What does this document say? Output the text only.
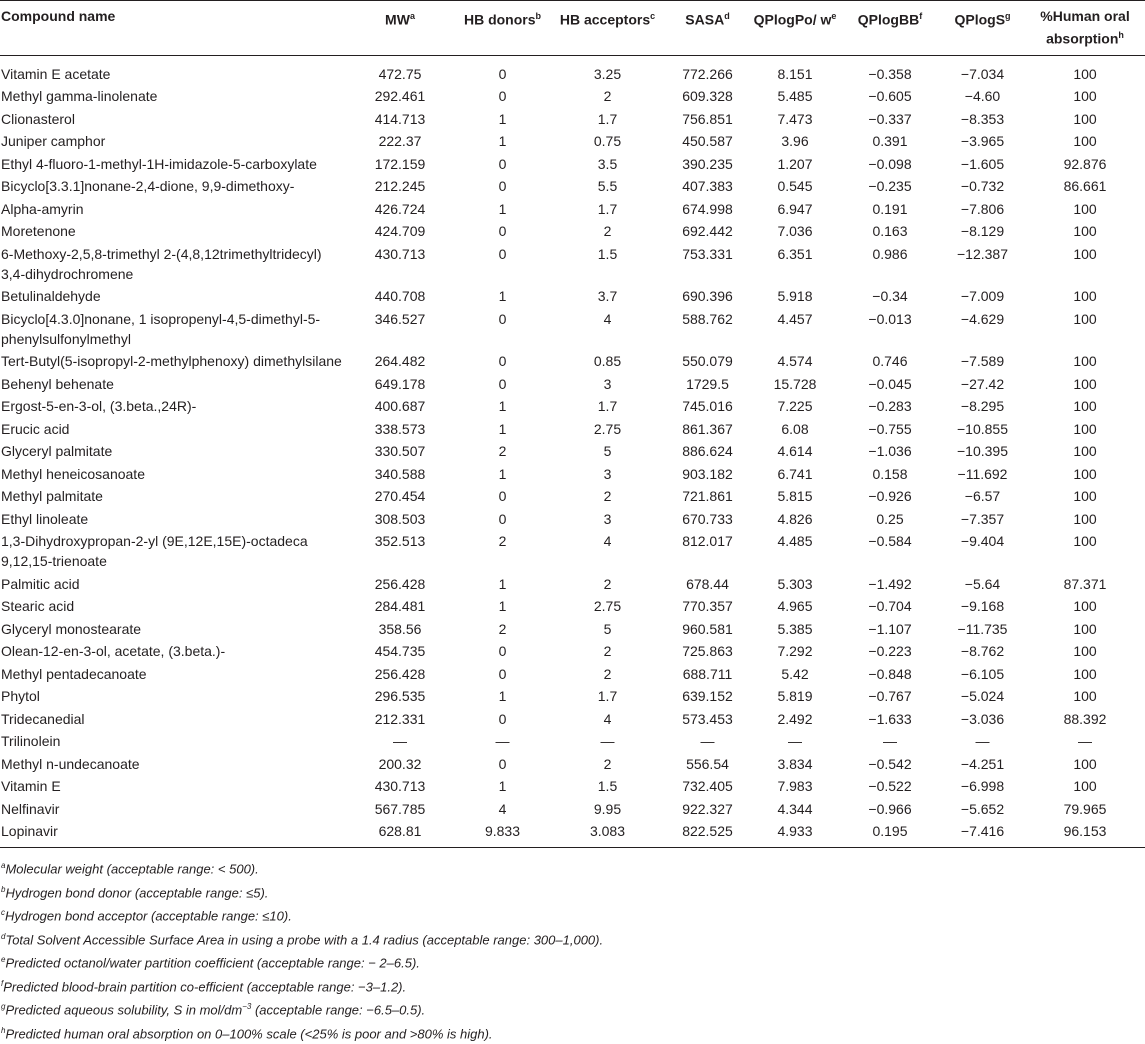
Compound name	$MW^a$	HB donors$^b$	HB acceptors$^c$	SASA$^d$	QPlogPo/ $w^e$	QPlogBB$^f$	QPlogS$^g$	%Human oral absorption$^h$
Vitamin E acetate	472.75	0	3.25	772.266	8.151	−0.358	−7.034	100
Methyl gamma-linolenate	292.461	0	2	609.328	5.485	−0.605	−4.60	100
Clionasterol	414.713	1	1.7	756.851	7.473	−0.337	−8.353	100
Juniper camphor	222.37	1	0.75	450.587	3.96	0.391	−3.965	100
Ethyl 4-fluoro-1-methyl-1H-imidazole-5-carboxylate	172.159	0	3.5	390.235	1.207	−0.098	−1.605	92.876
Bicyclo[3.3.1]nonane-2,4-dione, 9,9-dimethoxy-	212.245	0	5.5	407.383	0.545	−0.235	−0.732	86.661
Alpha-amyrin	426.724	1	1.7	674.998	6.947	0.191	−7.806	100
Moretenone	424.709	0	2	692.442	7.036	0.163	−8.129	100
6-Methoxy-2,5,8-trimethyl 2-(4,8,12trimethyltridecyl) 3,4-dihydrochromene	430.713	0	1.5	753.331	6.351	0.986	−12.387	100
Betulinaldehyde	440.708	1	3.7	690.396	5.918	−0.34	−7.009	100
Bicyclo[4.3.0]nonane, 1 isopropenyl-4,5-dimethyl-5-phenylsulfonylmethyl	346.527	0	4	588.762	4.457	−0.013	−4.629	100
Tert-Butyl(5-isopropyl-2-methylphenoxy) dimethylsilane	264.482	0	0.85	550.079	4.574	0.746	−7.589	100
Behenyl behenate	649.178	0	3	1729.5	15.728	−0.045	−27.42	100
Ergost-5-en-3-ol, (3.beta.,24R)-	400.687	1	1.7	745.016	7.225	−0.283	−8.295	100
Erucic acid	338.573	1	2.75	861.367	6.08	−0.755	−10.855	100
Glyceryl palmitate	330.507	2	5	886.624	4.614	−1.036	−10.395	100
Methyl heneicosanoate	340.588	1	3	903.182	6.741	0.158	−11.692	100
Methyl palmitate	270.454	0	2	721.861	5.815	−0.926	−6.57	100
Ethyl linoleate	308.503	0	3	670.733	4.826	0.25	−7.357	100
1,3-Dihydroxypropan-2-yl (9E,12E,15E)-octadeca 9,12,15-trienoate	352.513	2	4	812.017	4.485	−0.584	−9.404	100
Palmitic acid	256.428	1	2	678.44	5.303	−1.492	−5.64	87.371
Stearic acid	284.481	1	2.75	770.357	4.965	−0.704	−9.168	100
Glyceryl monostearate	358.56	2	5	960.581	5.385	−1.107	−11.735	100
Olean-12-en-3-ol, acetate, (3.beta.)-	454.735	0	2	725.863	7.292	−0.223	−8.762	100
Methyl pentadecanoate	256.428	0	2	688.711	5.42	−0.848	−6.105	100
Phytol	296.535	1	1.7	639.152	5.819	−0.767	−5.024	100
Tridecanedial	212.331	0	4	573.453	2.492	−1.633	−3.036	88.392
Trilinolein	—	—	—	—	—	—	—	—
Methyl n-undecanoate	200.32	0	2	556.54	3.834	−0.542	−4.251	100
Vitamin E	430.713	1	1.5	732.405	7.983	−0.522	−6.998	100
Nelfinavir	567.785	4	9.95	922.327	4.344	−0.966	−5.652	79.965
Lopinavir	628.81	9.833	3.083	822.525	4.933	0.195	−7.416	96.153
$^a$Molecular weight (acceptable range: < 500).
$^b$Hydrogen bond donor (acceptable range: ≤5).
$^c$Hydrogen bond acceptor (acceptable range: ≤10).
$^d$Total Solvent Accessible Surface Area in using a probe with a 1.4 radius (acceptable range: 300–1,000).
$^e$Predicted octanol/water partition coefficient (acceptable range: − 2–6.5).
$^f$Predicted blood-brain partition co-efficient (acceptable range: −3–1.2).
$^g$Predicted aqueous solubility, S in mol/$dm^{-3}$ (acceptable range: −6.5–0.5).
$^h$Predicted human oral absorption on 0–100% scale (<25% is poor and >80% is high).
